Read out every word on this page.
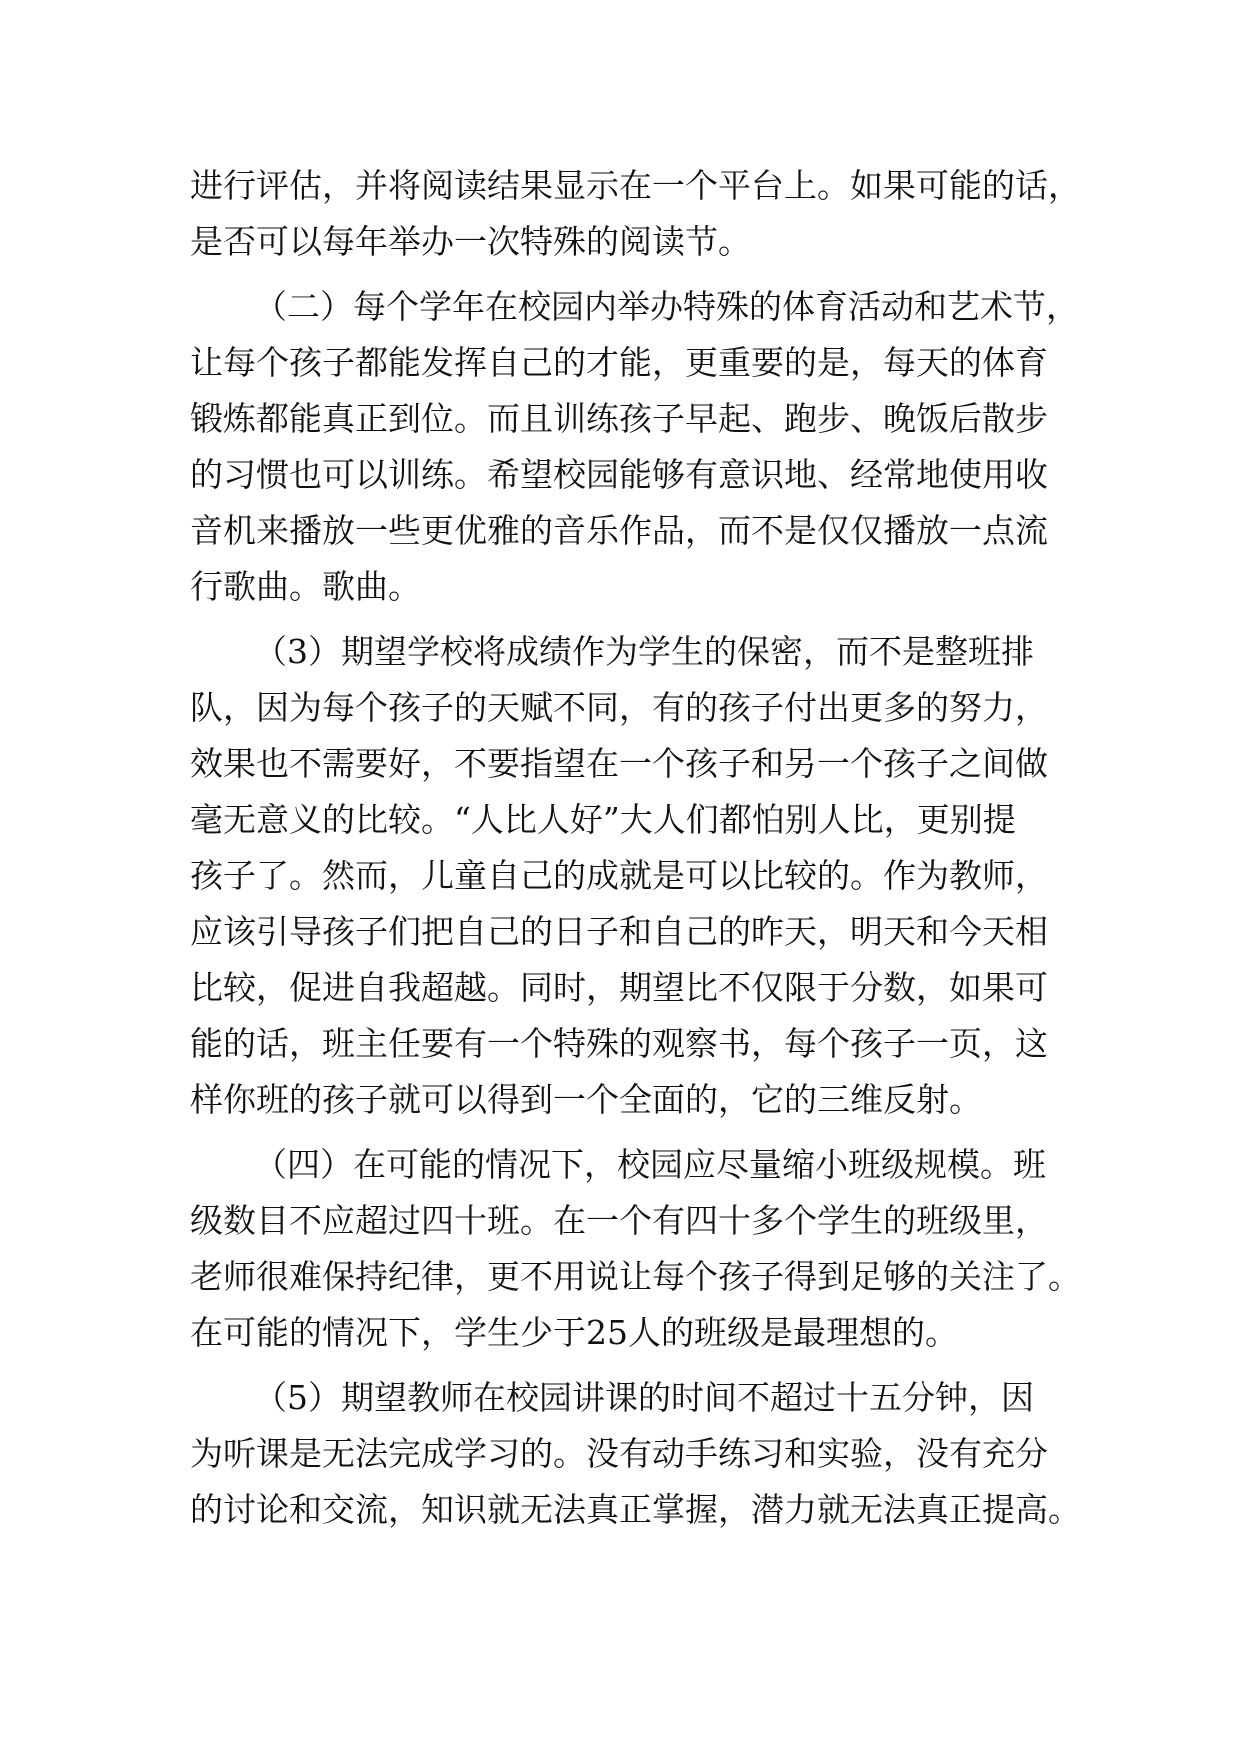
进行评估，并将阅读结果显示在一个平台上。如果可能的话，
是否可以每年举办一次特殊的阅读节。
（二）每个学年在校园内举办特殊的体育活动和艺术节，
让每个孩子都能发挥自己的才能，更重要的是，每天的体育
锻炼都能真正到位。而且训练孩子早起、跑步、晚饭后散步
的习惯也可以训练。希望校园能够有意识地、经常地使用收
音机来播放一些更优雅的音乐作品，而不是仅仅播放一点流
行歌曲。歌曲。
（3）期望学校将成绩作为学生的保密，而不是整班排
队，因为每个孩子的天赋不同，有的孩子付出更多的努力，
效果也不需要好，不要指望在一个孩子和另一个孩子之间做
毫无意义的比较。“人比人好”大人们都怕别人比，更别提
孩子了。然而，儿童自己的成就是可以比较的。作为教师，
应该引导孩子们把自己的日子和自己的昨天，明天和今天相
比较，促进自我超越。同时，期望比不仅限于分数，如果可
能的话，班主任要有一个特殊的观察书，每个孩子一页，这
样你班的孩子就可以得到一个全面的，它的三维反射。
（四）在可能的情况下，校园应尽量缩小班级规模。班
级数目不应超过四十班。在一个有四十多个学生的班级里，
老师很难保持纪律，更不用说让每个孩子得到足够的关注了。
在可能的情况下，学生少于25人的班级是最理想的。
（5）期望教师在校园讲课的时间不超过十五分钟，因
为听课是无法完成学习的。没有动手练习和实验，没有充分
的讨论和交流，知识就无法真正掌握，潜力就无法真正提高。
